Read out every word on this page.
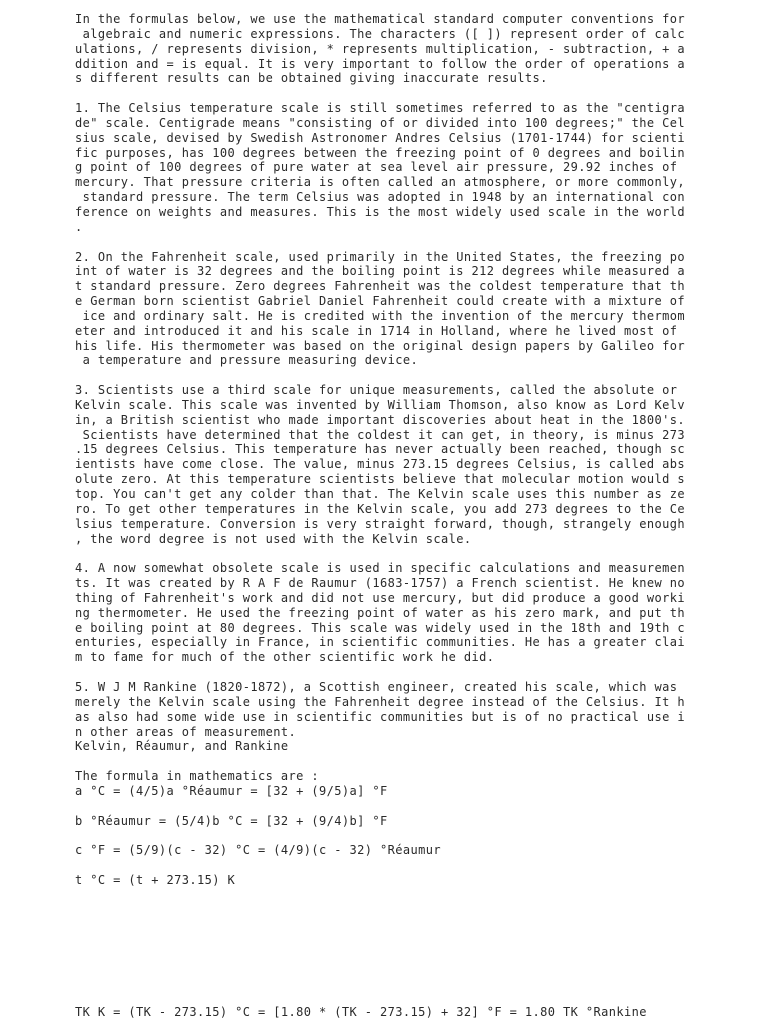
In the formulas below, we use the mathematical standard computer conventions for
algebraic and numeric expressions. The characters ([ ]) represent order of calc
ulations, / represents division, * represents multiplication, - subtraction, + a
ddition and = is equal. It is very important to follow the order of operations a
s different results can be obtained giving inaccurate results.
1. The Celsius temperature scale is still sometimes referred to as the "centigra
de" scale. Centigrade means "consisting of or divided into 100 degrees;" the Cel
sius scale, devised by Swedish Astronomer Andres Celsius (1701-1744) for scienti
fic purposes, has 100 degrees between the freezing point of 0 degrees and boilin
g point of 100 degrees of pure water at sea level air pressure, 29.92 inches of
mercury. That pressure criteria is often called an atmosphere, or more commonly,
standard pressure. The term Celsius was adopted in 1948 by an international con
ference on weights and measures. This is the most widely used scale in the world
.
2. On the Fahrenheit scale, used primarily in the United States, the freezing po
int of water is 32 degrees and the boiling point is 212 degrees while measured a
t standard pressure. Zero degrees Fahrenheit was the coldest temperature that th
e German born scientist Gabriel Daniel Fahrenheit could create with a mixture of
ice and ordinary salt. He is credited with the invention of the mercury thermom
eter and introduced it and his scale in 1714 in Holland, where he lived most of
his life. His thermometer was based on the original design papers by Galileo for
a temperature and pressure measuring device.
3. Scientists use a third scale for unique measurements, called the absolute or
Kelvin scale. This scale was invented by William Thomson, also know as Lord Kelv
in, a British scientist who made important discoveries about heat in the 1800's.
Scientists have determined that the coldest it can get, in theory, is minus 273
.15 degrees Celsius. This temperature has never actually been reached, though sc
ientists have come close. The value, minus 273.15 degrees Celsius, is called abs
olute zero. At this temperature scientists believe that molecular motion would s
top. You can't get any colder than that. The Kelvin scale uses this number as ze
ro. To get other temperatures in the Kelvin scale, you add 273 degrees to the Ce
lsius temperature. Conversion is very straight forward, though, strangely enough
, the word degree is not used with the Kelvin scale.
4. A now somewhat obsolete scale is used in specific calculations and measuremen
ts. It was created by R A F de Raumur (1683-1757) a French scientist. He knew no
thing of Fahrenheit's work and did not use mercury, but did produce a good worki
ng thermometer. He used the freezing point of water as his zero mark, and put th
e boiling point at 80 degrees. This scale was widely used in the 18th and 19th c
enturies, especially in France, in scientific communities. He has a greater clai
m to fame for much of the other scientific work he did.
5. W J M Rankine (1820-1872), a Scottish engineer, created his scale, which was
merely the Kelvin scale using the Fahrenheit degree instead of the Celsius. It h
as also had some wide use in scientific communities but is of no practical use i
n other areas of measurement.
Kelvin, Réaumur, and Rankine
The formula in mathematics are :
a °C = (4/5)a °Réaumur = [32 + (9/5)a] °F
b °Réaumur = (5/4)b °C = [32 + (9/4)b] °F
c °F = (5/9)(c - 32) °C = (4/9)(c - 32) °Réaumur
t °C = (t + 273.15) K
TK K = (TK - 273.15) °C = [1.80 * (TK - 273.15) + 32] °F = 1.80 TK °Rankine
